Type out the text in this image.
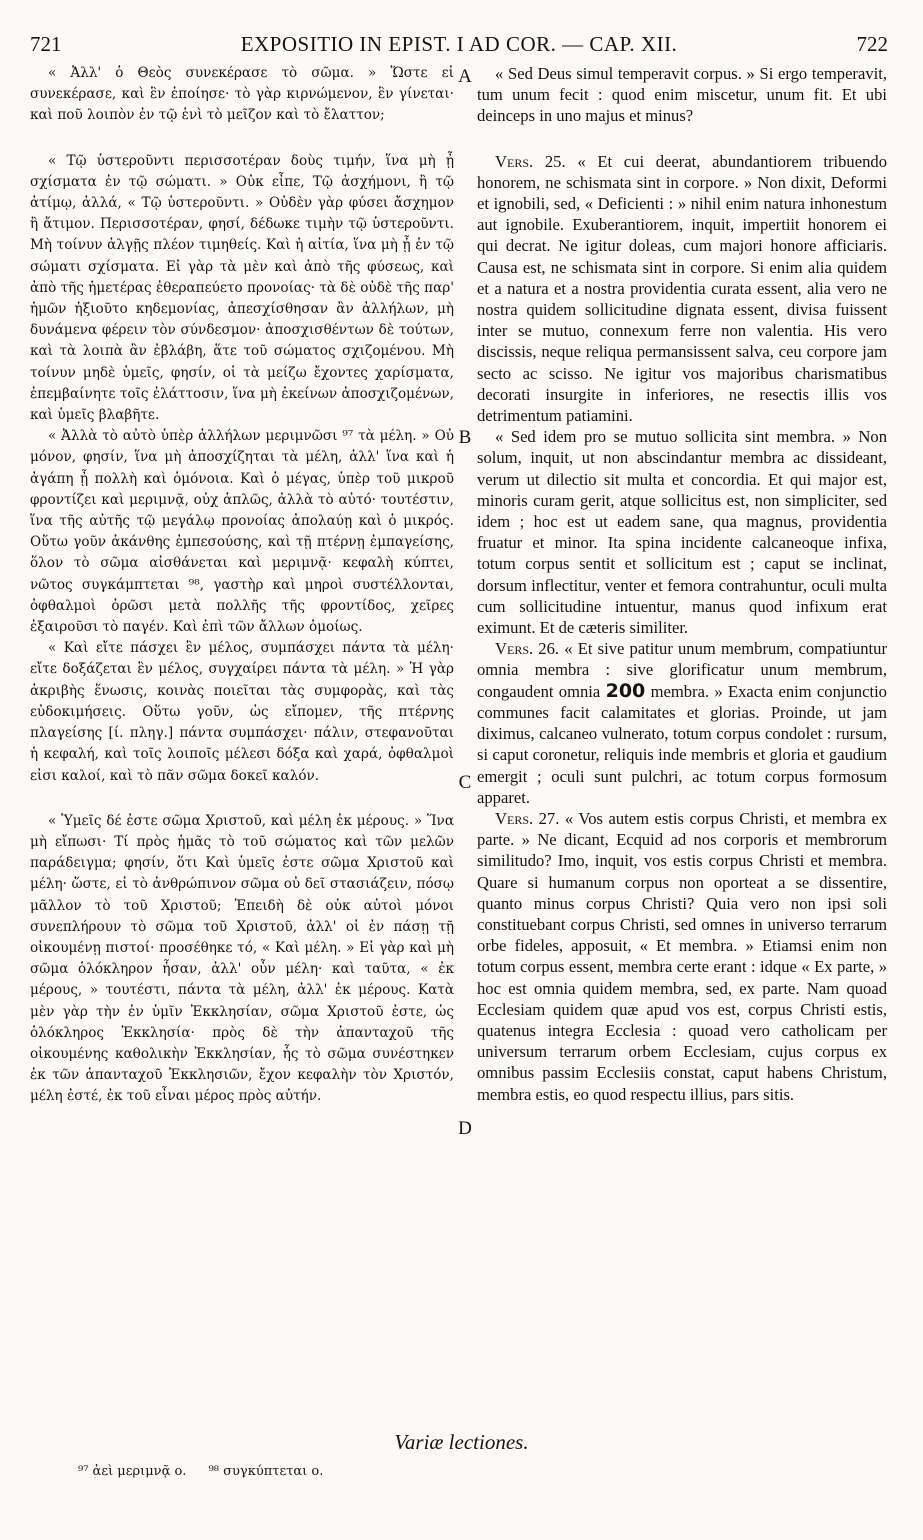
721	EXPOSITIO IN EPIST. I AD COR. — CAP. XII.	722

« Ἀλλ' ὁ Θεὸς συνεκέρασε τὸ σῶμα. » Ὥστε εἰ συνεκέρασε, καὶ ἓν ἐποίησε· τὸ γὰρ κιρνώμενον, ἓν γίνεται· καὶ ποῦ λοιπὸν ἐν τῷ ἑνὶ τὸ μεῖζον καὶ τὸ ἔλαττον;

« Τῷ ὑστεροῦντι περισσοτέραν δοὺς τιμήν, ἵνα μὴ ᾖ σχίσματα ἐν τῷ σώματι. » Οὐκ εἶπε, Τῷ ἀσχήμονι, ἢ τῷ ἀτίμῳ, ἀλλά, « Τῷ ὑστεροῦντι. » Οὐδὲν γὰρ φύσει ἄσχημον ἢ ἄτιμον. Περισσοτέραν, φησί, δέδωκε τιμὴν τῷ ὑστεροῦντι. Μὴ τοίνυν ἀλγῇς πλέον τιμηθείς. Καὶ ἡ αἰτία, ἵνα μὴ ᾖ ἐν τῷ σώματι σχίσματα. Εἰ γὰρ τὰ μὲν καὶ ἀπὸ τῆς φύσεως, καὶ ἀπὸ τῆς ἡμετέρας ἐθεραπεύετο προνοίας· τὰ δὲ οὐδὲ τῆς παρ' ἡμῶν ἠξιοῦτο κηδεμονίας, ἀπεσχίσθησαν ἂν ἀλλήλων, μὴ δυνάμενα φέρειν τὸν σύνδεσμον· ἀποσχισθέντων δὲ τούτων, καὶ τὰ λοιπὰ ἂν ἐβλάβη, ἅτε τοῦ σώματος σχιζομένου. Μὴ τοίνυν μηδὲ ὑμεῖς, φησίν, οἱ τὰ μείζω ἔχοντες χαρίσματα, ἐπεμβαίνητε τοῖς ἐλάττοσιν, ἵνα μὴ ἐκείνων ἀποσχιζομένων, καὶ ὑμεῖς βλαβῆτε.

« Ἀλλὰ τὸ αὐτὸ ὑπὲρ ἀλλήλων μεριμνῶσι ⁹⁷ τὰ μέλη. » Οὐ μόνον, φησίν, ἵνα μὴ ἀποσχίζηται τὰ μέλη, ἀλλ' ἵνα καὶ ἡ ἀγάπη ᾖ πολλὴ καὶ ὁμόνοια. Καὶ ὁ μέγας, ὑπὲρ τοῦ μικροῦ φροντίζει καὶ μεριμνᾷ, οὐχ ἁπλῶς, ἀλλὰ τὸ αὐτό· τουτέστιν, ἵνα τῆς αὐτῆς τῷ μεγάλῳ προνοίας ἀπολαύῃ καὶ ὁ μικρός. Οὕτω γοῦν ἀκάνθης ἐμπεσούσης, καὶ τῇ πτέρνῃ ἐμπαγείσης, ὅλον τὸ σῶμα αἰσθάνεται καὶ μεριμνᾷ· κεφαλὴ κύπτει, νῶτος συγκάμπτεται ⁹⁸, γαστὴρ καὶ μηροὶ συστέλλονται, ὀφθαλμοὶ ὁρῶσι μετὰ πολλῆς τῆς φροντίδος, χεῖρες ἐξαιροῦσι τὸ παγέν. Καὶ ἐπὶ τῶν ἄλλων ὁμοίως.

« Καὶ εἴτε πάσχει ἓν μέλος, συμπάσχει πάντα τὰ μέλη· εἴτε δοξάζεται ἓν μέλος, συγχαίρει πάντα τὰ μέλη. » Ἡ γὰρ ἀκριβὴς ἕνωσις, κοινὰς ποιεῖται τὰς συμφορὰς, καὶ τὰς εὐδοκιμήσεις. Οὕτω γοῦν, ὡς εἴπομεν, τῆς πτέρνης πλαγείσης [ί. πληγ.] πάντα συμπάσχει· πάλιν, στεφανοῦται ἡ κεφαλή, καὶ τοῖς λοιποῖς μέλεσι δόξα καὶ χαρά, ὀφθαλμοὶ εἰσι καλοί, καὶ τὸ πᾶν σῶμα δοκεῖ καλόν.

« Ὑμεῖς δέ ἐστε σῶμα Χριστοῦ, καὶ μέλη ἐκ μέρους. » Ἵνα μὴ εἴπωσι· Τί πρὸς ἡμᾶς τὸ τοῦ σώματος καὶ τῶν μελῶν παράδειγμα; φησίν, ὅτι Καὶ ὑμεῖς ἐστε σῶμα Χριστοῦ καὶ μέλη· ὥστε, εἰ τὸ ἀνθρώπινον σῶμα οὐ δεῖ στασιάζειν, πόσῳ μᾶλλον τὸ τοῦ Χριστοῦ; Ἐπειδὴ δὲ οὐκ αὐτοὶ μόνοι συνεπλήρουν τὸ σῶμα τοῦ Χριστοῦ, ἀλλ' οἱ ἐν πάσῃ τῇ οἰκουμένῃ πιστοί· προσέθηκε τό, « Καὶ μέλη. » Εἰ γὰρ καὶ μὴ σῶμα ὁλόκληρον ἦσαν, ἀλλ' οὖν μέλη· καὶ ταῦτα, « ἐκ μέρους, » τουτέστι, πάντα τὰ μέλη, ἀλλ' ἐκ μέρους. Κατὰ μὲν γὰρ τὴν ἐν ὑμῖν Ἐκκλησίαν, σῶμα Χριστοῦ ἐστε, ὡς ὁλόκληρος Ἐκκλησία· πρὸς δὲ τὴν ἁπανταχοῦ τῆς οἰκουμένης καθολικὴν Ἐκκλησίαν, ἧς τὸ σῶμα συνέστηκεν ἐκ τῶν ἁπανταχοῦ Ἐκκλησιῶν, ἔχον κεφαλὴν τὸν Χριστόν, μέλη ἐστέ, ἐκ τοῦ εἶναι μέρος πρὸς αὐτήν.

A
B
C
D

« Sed Deus simul temperavit corpus. » Si ergo temperavit, tum unum fecit : quod enim miscetur, unum fit. Et ubi deinceps in uno majus et minus?

Vers. 25. « Et cui deerat, abundantiorem tribuendo honorem, ne schismata sint in corpore. » Non dixit, Deformi et ignobili, sed, « Deficienti : » nihil enim natura inhonestum aut ignobile. Exuberantiorem, inquit, impertiit honorem ei qui decrat. Ne igitur doleas, cum majori honore afficiaris. Causa est, ne schismata sint in corpore. Si enim alia quidem et a natura et a nostra providentia curata essent, alia vero ne nostra quidem sollicitudine dignata essent, divisa fuissent inter se mutuo, connexum ferre non valentia. His vero discissis, neque reliqua permansissent salva, ceu corpore jam secto ac scisso. Ne igitur vos majoribus charismatibus decorati insurgite in inferiores, ne resectis illis vos detrimentum patiamini.

« Sed idem pro se mutuo sollicita sint membra. » Non solum, inquit, ut non abscindantur membra ac dissideant, verum ut dilectio sit multa et concordia. Et qui major est, minoris curam gerit, atque sollicitus est, non simpliciter, sed idem ; hoc est ut eadem sane, qua magnus, providentia fruatur et minor. Ita spina incidente calcaneoque infixa, totum corpus sentit et sollicitum est ; caput se inclinat, dorsum inflectitur, venter et femora contrahuntur, oculi multa cum sollicitudine intuentur, manus quod infixum erat eximunt. Et de cæteris similiter.

Vers. 26. « Et sive patitur unum membrum, compatiuntur omnia membra : sive glorificatur unum membrum, congaudent omnia 200 membra. » Exacta enim conjunctio communes facit calamitates et glorias. Proinde, ut jam diximus, calcaneo vulnerato, totum corpus condolet : rursum, si caput coronetur, reliquis inde membris et gloria et gaudium emergit ; oculi sunt pulchri, ac totum corpus formosum apparet.

Vers. 27. « Vos autem estis corpus Christi, et membra ex parte. » Ne dicant, Ecquid ad nos corporis et membrorum similitudo? Imo, inquit, vos estis corpus Christi et membra. Quare si humanum corpus non oporteat a se dissentire, quanto minus corpus Christi? Quia vero non ipsi soli constituebant corpus Christi, sed omnes in universo terrarum orbe fideles, apposuit, « Et membra. » Etiamsi enim non totum corpus essent, membra certe erant : idque « Ex parte, » hoc est omnia quidem membra, sed, ex parte. Nam quoad Ecclesiam quidem quæ apud vos est, corpus Christi estis, quatenus integra Ecclesia : quoad vero catholicam per universum terrarum orbem Ecclesiam, cujus corpus ex omnibus passim Ecclesiis constat, caput habens Christum, membra estis, eo quod respectu illius, pars sitis.

Variæ lectiones.
⁹⁷ ἀεὶ μεριμνᾷ ο. ⁹⁸ συγκύπτεται ο.
